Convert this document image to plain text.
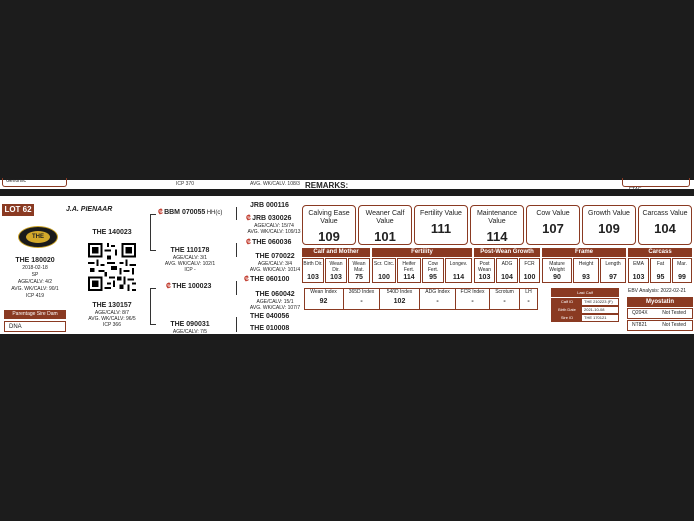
Genomic	ICP 370	AVG. WK/CALV. 108/3 REMARKS:	FTAE
LOT 62	J.A. PIENAAR
THE
THE 180020
2018-02-18
SP
AGE/CALV: 4/2
AVG. WK/CALV: 90/1
ICP 419
Parentage Sire Dam
DNA
THE 140023
THE 130157
AGE/CALV: 8/7
AVG. WK/CALV: 96/5
ICP 366
₡BBM 070055 HH(c)
THE 110178
AGE/CALV: 3/1
AVG. WK/CALV: 102/1
ICP -
₡THE 100023
THE 090031
AGE/CALV: 7/5
JRB 000116
₡JRB 030026
AGE/CALV: 15/74
AVG. WK/CALV: 109/13
₡THE 060036
THE 070022
AGE/CALV: 3/4
AVG. WK/CALV: 101/4
₡THE 060100
THE 060042
AGE/CALV: 15/1
AVG. WK/CALV: 107/7
THE 040056
THE 010008
Calving Ease Value
109
Weaner Calf Value
101
Fertility Value
111
Maintenance Value
114
Cow Value
107
Growth Value
109
Carcass Value
104
Calf and Mother	Fertility	Post-Wean Growth	Frame	Carcass
Birth Dir.
103
Wean Dir.
103
Wean Mat.
75
Scr. Circ.
100
Heifer Fert.
114
Cow Fert.
95
Longev.
114
Post Wean
103
ADG
104
FCR
100
Mature Weight
90
Height
93
Length
97
EMA
103
Fat
95
Mar.
99
Wean Index
92
365D Index
-
540D Index
102
ADG Index
-
FCR Index
-
Scrotum
-
LH
-
Last Calf
Calf ID	THE 210223 (F)
Birth Date	2021-10-08
Sire ID	THE 170121
EBV Analysis: 2022-02-21
Myostatin
Q204X	Not Tested
NT821	Not Tested
